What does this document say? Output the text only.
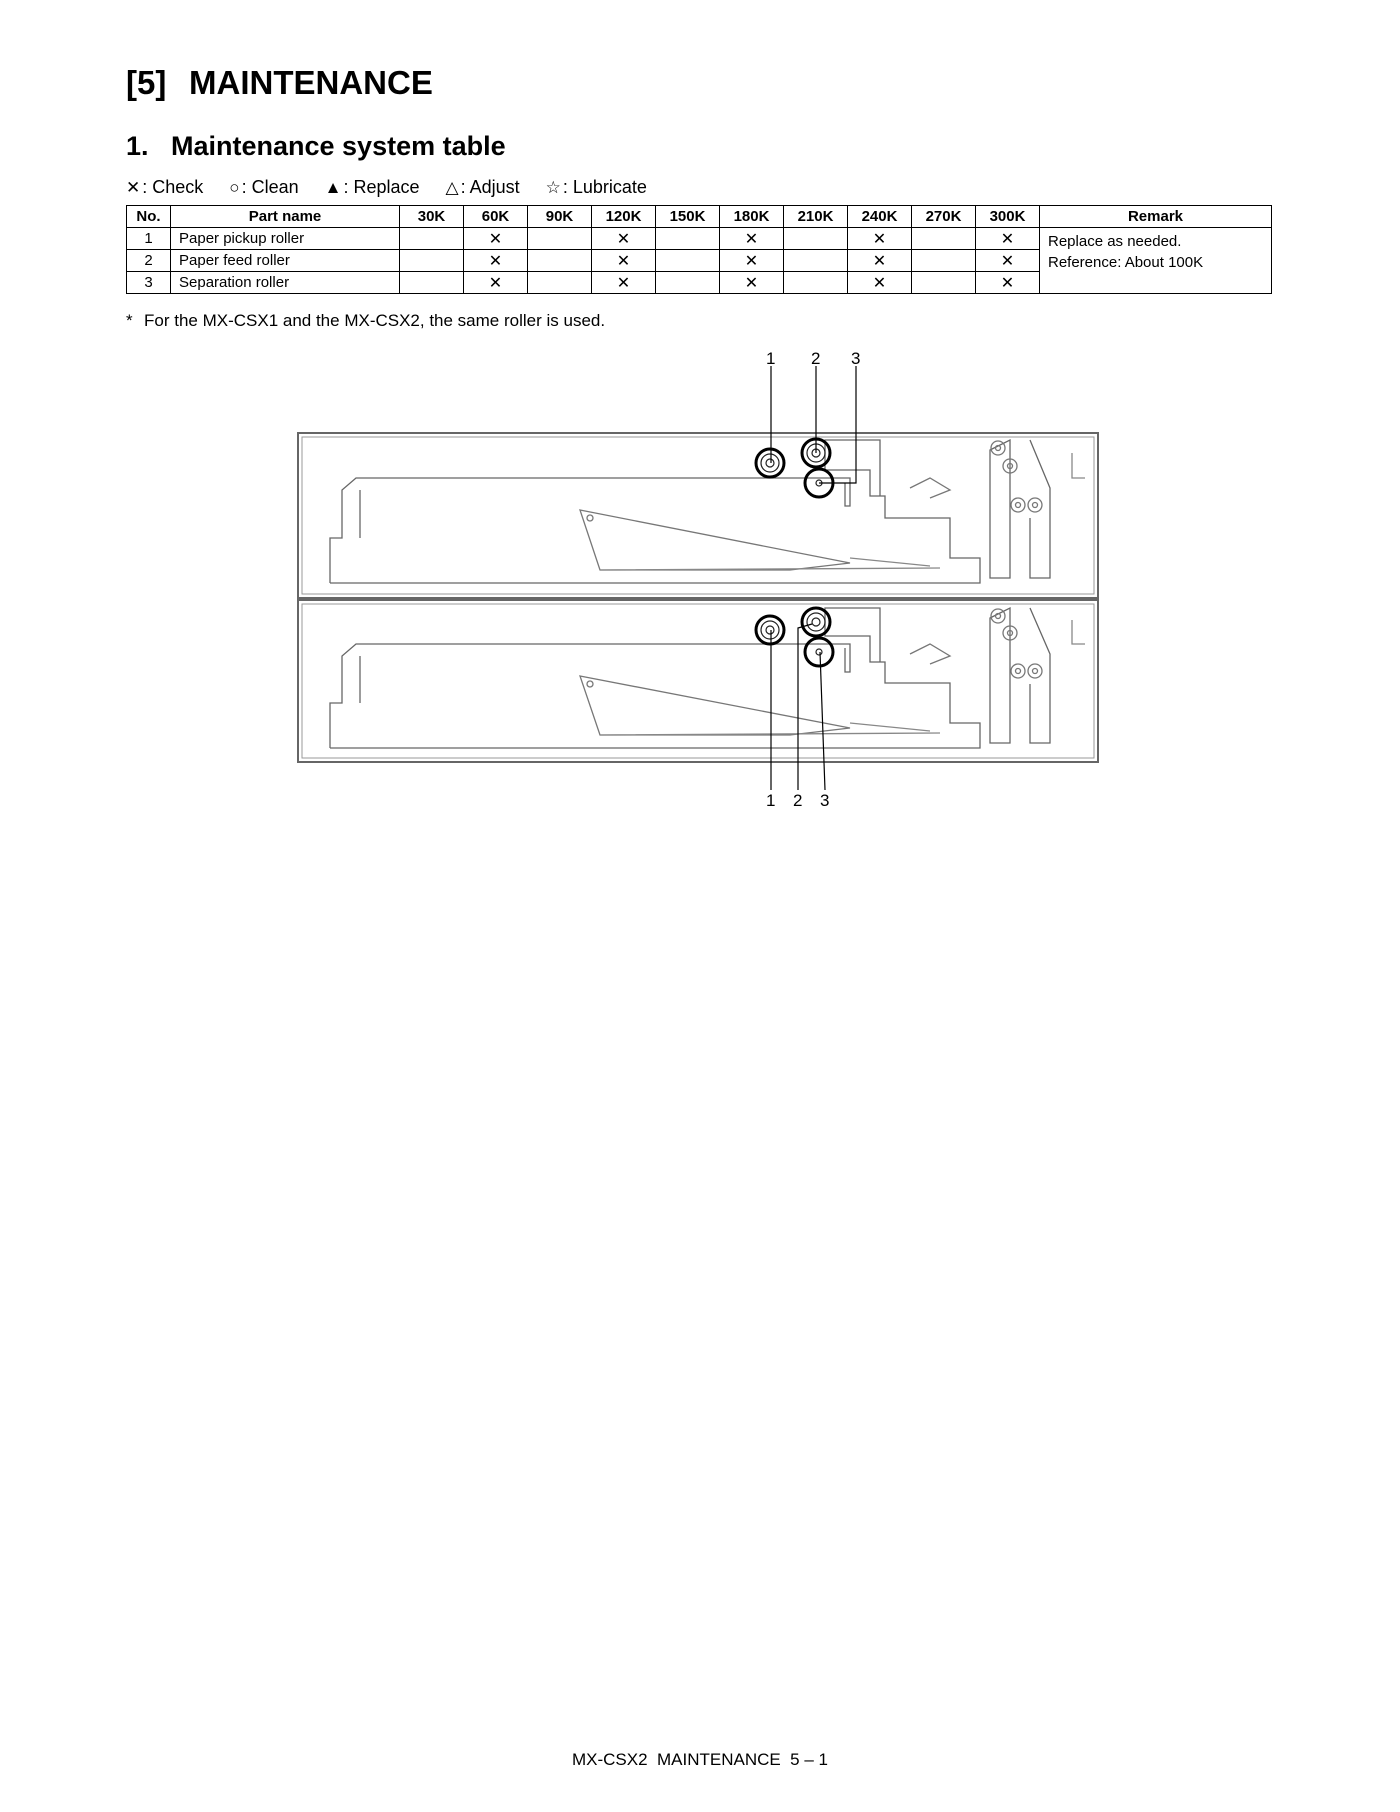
[5] MAINTENANCE
1. Maintenance system table
✕ : Check ○ : Clean ▲ : Replace △ : Adjust ☆ : Lubricate
No.	Part name	30K	60K	90K	120K	150K	180K	210K	240K	270K	300K	Remark
1	Paper pickup roller		✕		✕		✕		✕		✕	Replace as needed.
Reference: About 100K

2	Paper feed roller		✕		✕		✕		✕		✕	
3	Separation roller		✕		✕		✕		✕		✕	
* For the MX-CSX1 and the MX-CSX2, the same roller is used.
1 2 3
1 2 3
MX-CSX2  MAINTENANCE  5 – 1
